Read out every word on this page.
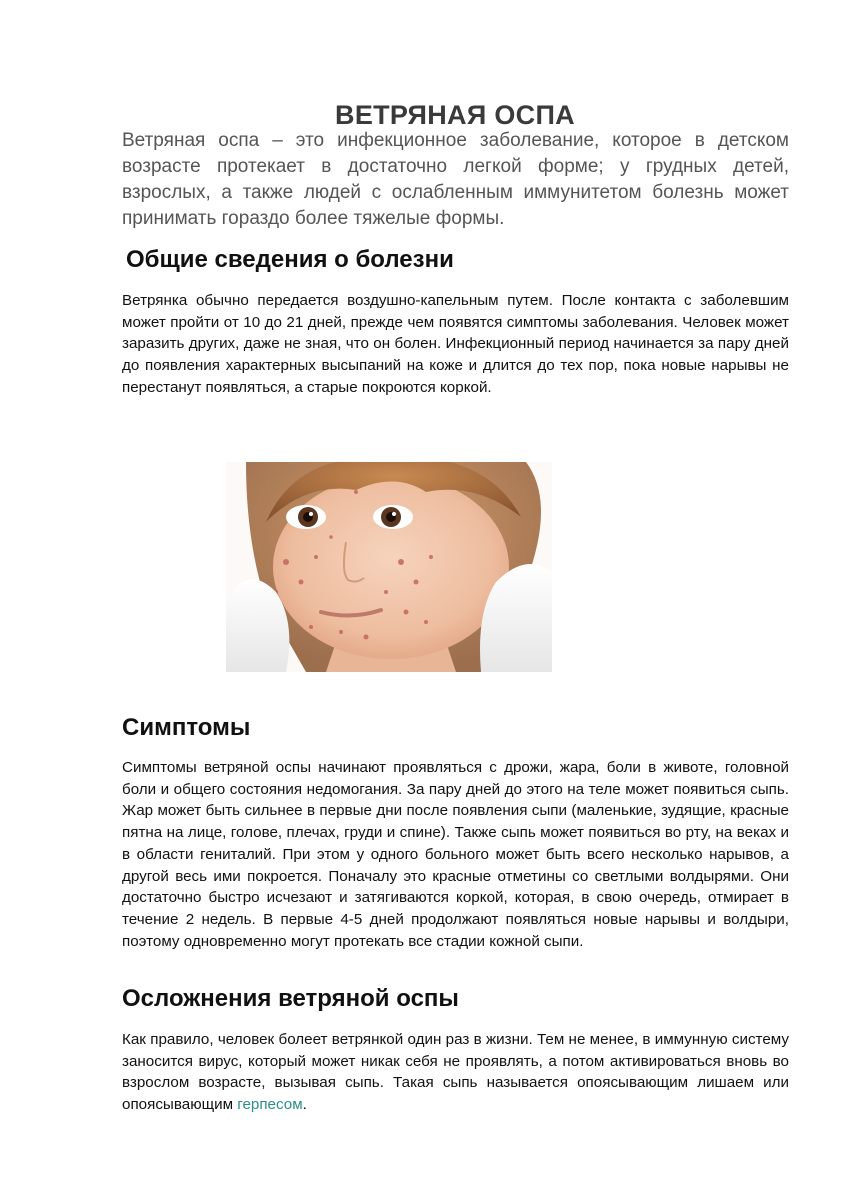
ВЕТРЯНАЯ ОСПА

Ветряная оспа – это инфекционное заболевание, которое в детском возрасте протекает в достаточно легкой форме; у грудных детей, взрослых, а также людей с ослабленным иммунитетом болезнь может принимать гораздо более тяжелые формы.

Общие сведения о болезни

Ветрянка обычно передается воздушно-капельным путем. После контакта с заболевшим может пройти от 10 до 21 дней, прежде чем появятся симптомы заболевания. Человек может заразить других, даже не зная, что он болен. Инфекционный период начинается за пару дней до появления характерных высыпаний на коже и длится до тех пор, пока новые нарывы не перестанут появляться, а старые покроются коркой.

Симптомы

Симптомы ветряной оспы начинают проявляться с дрожи, жара, боли в животе, головной боли и общего состояния недомогания. За пару дней до этого на теле может появиться сыпь. Жар может быть сильнее в первые дни после появления сыпи (маленькие, зудящие, красные пятна на лице, голове, плечах, груди и спине). Также сыпь может появиться во рту, на веках и в области гениталий. При этом у одного больного может быть всего несколько нарывов, а другой весь ими покроется. Поначалу это красные отметины со светлыми волдырями. Они достаточно быстро исчезают и затягиваются коркой, которая, в свою очередь, отмирает в течение 2 недель. В первые 4-5 дней продолжают появляться новые нарывы и волдыри, поэтому одновременно могут протекать все стадии кожной сыпи.

Осложнения ветряной оспы

Как правило, человек болеет ветрянкой один раз в жизни. Тем не менее, в иммунную систему заносится вирус, который может никак себя не проявлять, а потом активироваться вновь во взрослом возрасте, вызывая сыпь. Такая сыпь называется опоясывающим лишаем или опоясывающим герпесом.
